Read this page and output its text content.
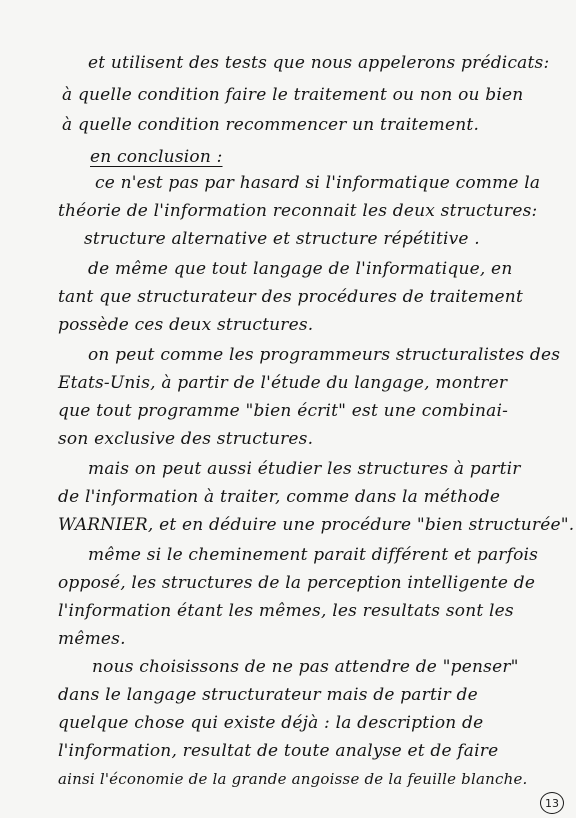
et utilisent des tests que nous appelerons prédicats:
à quelle condition faire le traitement ou non ou bien
à quelle condition recommencer un traitement.
en conclusion :
ce n'est pas par hasard si l'informatique comme la
théorie de l'information reconnait les deux structures:
structure alternative et structure répétitive .
de même que tout langage de l'informatique, en
tant que structurateur des procédures de traitement
possède ces deux structures.
on peut comme les programmeurs structuralistes des
Etats-Unis, à partir de l'étude du langage, montrer
que tout programme "bien écrit" est une combinai-
son exclusive des structures.
mais on peut aussi étudier les structures à partir
de l'information à traiter, comme dans la méthode
WARNIER, et en déduire une procédure "bien structurée".
même si le cheminement parait différent et parfois
opposé, les structures de la perception intelligente de
l'information étant les mêmes, les resultats sont les
mêmes.
nous choisissons de ne pas attendre de "penser"
dans le langage structurateur mais de partir de
quelque chose qui existe déjà : la description de
l'information, resultat de toute analyse et de faire
ainsi l'économie de la grande angoisse de la feuille blanche.
13
